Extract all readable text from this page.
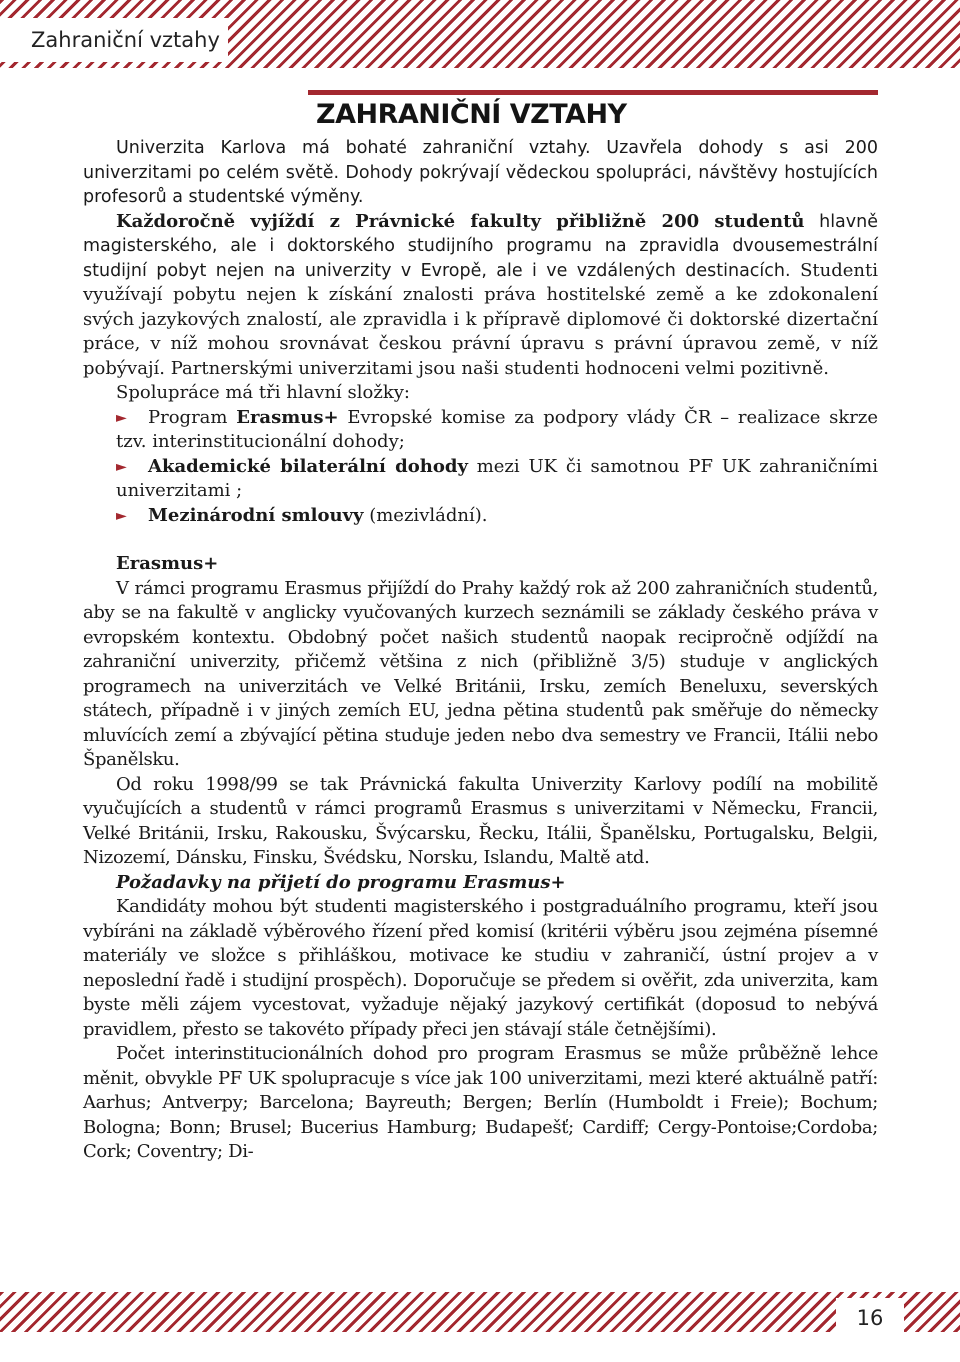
Zahraniční vztahy
ZAHRANIČNÍ VZTAHY

Univerzita Karlova má bohaté zahraniční vztahy. Uzavřela dohody s asi 200 univerzitami po celém světě. Dohody pokrývají vědeckou spolupráci, návštěvy hostujících profesorů a studentské výměny.

Každoročně vyjíždí z Právnické fakulty přibližně 200 studentů hlavně magisterského, ale i doktorského studijního programu na zpravidla dvousemestrální studijní pobyt nejen na univerzity v Evropě, ale i ve vzdálených destinacích. Studenti využívají pobytu nejen k získání znalosti práva hostitelské země a ke zdokonalení svých jazykových znalostí, ale zpravidla i k přípravě diplomové či doktorské dizertační práce, v níž mohou srovnávat českou právní úpravu s právní úpravou země, v níž pobývají. Partnerskými univerzitami jsou naši studenti hodnoceni velmi pozitivně.

Spolupráce má tři hlavní složky:

► Program Erasmus+ Evropské komise za podpory vlády ČR – realizace skrze tzv. interinstitucionální dohody;

► Akademické bilaterální dohody mezi UK či samotnou PF UK zahraničními univerzitami ;

► Mezinárodní smlouvy (mezivládní).

Erasmus+

V rámci programu Erasmus přijíždí do Prahy každý rok až 200 zahraničních studentů, aby se na fakultě v anglicky vyučovaných kurzech seznámili se základy českého práva v evropském kontextu. Obdobný počet našich studentů naopak recipročně odjíždí na zahraniční univerzity, přičemž většina z nich (přibližně 3/5) studuje v anglických programech na univerzitách ve Velké Británii, Irsku, zemích Beneluxu, severských státech, případně i v jiných zemích EU, jedna pětina studentů pak směřuje do německy mluvících zemí a zbývající pětina studuje jeden nebo dva semestry ve Francii, Itálii nebo Španělsku.

Od roku 1998/99 se tak Právnická fakulta Univerzity Karlovy podílí na mobilitě vyučujících a studentů v rámci programů Erasmus s univerzitami v Německu, Francii, Velké Británii, Irsku, Rakousku, Švýcarsku, Řecku, Itálii, Španělsku, Portugalsku, Belgii, Nizozemí, Dánsku, Finsku, Švédsku, Norsku, Islandu, Maltě atd.

Požadavky na přijetí do programu Erasmus+

Kandidáty mohou být studenti magisterského i postgraduálního programu, kteří jsou vybíráni na základě výběrového řízení před komisí (kritérii výběru jsou zejména písemné materiály ve složce s přihláškou, motivace ke studiu v zahraničí, ústní projev a v neposlední řadě i studijní prospěch). Doporučuje se předem si ověřit, zda univerzita, kam byste měli zájem vycestovat, vyžaduje nějaký jazykový certifikát (doposud to nebývá pravidlem, přesto se takovéto případy přeci jen stávají stále četnějšími).

Počet interinstitucionálních dohod pro program Erasmus se může průběžně lehce měnit, obvykle PF UK spolupracuje s více jak 100 univerzitami, mezi které aktuálně patří: Aarhus; Antverpy; Barcelona; Bayreuth; Bergen; Berlín (Humboldt i Freie); Bochum; Bologna; Bonn; Brusel; Bucerius Hamburg; Budapešť; Cardiff; Cergy-Pontoise;Cordoba; Cork; Coventry; Di-

16
